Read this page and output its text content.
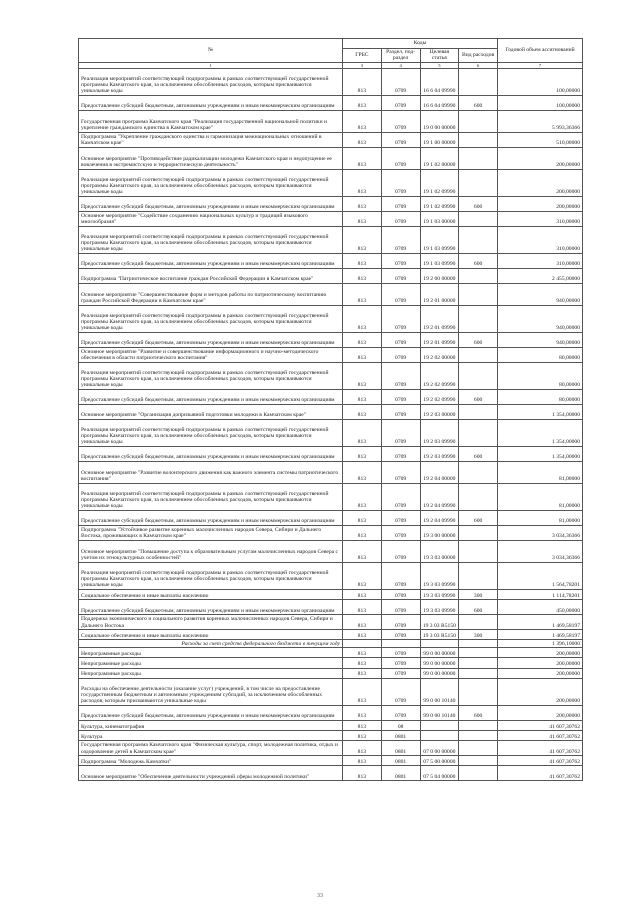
№	Коды				Годовой объем ассигнований
	ГРБС	Раздел, под-раздел	Целевая статья	Вид расходов	
1	3	4	5	6	7
Реализация мероприятий соответствующей подпрограммы в рамках соответствующей государственной программы Камчатского края, за исключением обособленных расходов, которым присваиваются уникальные коды	813	0709	16 6 04 09990		100,00000
Предоставление субсидий бюджетным, автономным учреждениям и иным некоммерческим организациям	813	0709	16 6 04 09990	600	100,00000
Государственная программа Камчатского края "Реализация государственной национальной политики и укрепление гражданского единства в Камчатском крае"	813	0709	19 0 00 00000		5 993,36366
Подпрограмма "Укрепление гражданского единства и гармонизация межнациональных отношений в Камчатском крае"	813	0709	19 1 00 00000		510,00000
Основное мероприятие "Противодействие радикализации молодежи Камчатского края и недопущение ее вовлечения в экстремистскую и террористическую деятельность"	813	0709	19 1 02 00000		200,00000
Реализация мероприятий соответствующей подпрограммы в рамках соответствующей государственной программы Камчатского края, за исключением обособленных расходов, которым присваиваются уникальные коды	813	0709	19 1 02 09990		200,00000
Предоставление субсидий бюджетным, автономным учреждениям и иным некоммерческим организациям	813	0709	19 1 02 09990	600	200,00000
Основное мероприятие "Содействие сохранению национальных культур и традиций языкового многообразия"	813	0709	19 1 03 00000		310,00000
Реализация мероприятий соответствующей подпрограммы в рамках соответствующей государственной программы Камчатского края, за исключением обособленных расходов, которым присваиваются уникальные коды	813	0709	19 1 03 09990		310,00000
Предоставление субсидий бюджетным, автономным учреждениям и иным некоммерческим организациям	813	0709	19 1 03 09990	600	310,00000
Подпрограмма "Патриотическое воспитание граждан Российской Федерации в Камчатском крае"	813	0709	19 2 00 00000		2 455,00000
Основное мероприятие "Совершенствование форм и методов работы по патриотическому воспитанию граждан Российской Федерации в Камчатском крае"	813	0709	19 2 01 00000		940,00000
Реализация мероприятий соответствующей подпрограммы в рамках соответствующей государственной программы Камчатского края, за исключением обособленных расходов, которым присваиваются уникальные коды	813	0709	19 2 01 09990		940,00000
Предоставление субсидий бюджетным, автономным учреждениям и иным некоммерческим организациям	813	0709	19 2 01 09990	600	940,00000
Основное мероприятие "Развитие и совершенствование информационного и научно-методического обеспечения в области патриотического воспитания"	813	0709	19 2 02 00000		80,00000
Реализация мероприятий соответствующей подпрограммы в рамках соответствующей государственной программы Камчатского края, за исключением обособленных расходов, которым присваиваются уникальные коды	813	0709	19 2 02 09990		80,00000
Предоставление субсидий бюджетным, автономным учреждениям и иным некоммерческим организациям	813	0709	19 2 02 09990	600	80,00000
Основное мероприятие "Организация допризывной подготовки молодежи в Камчатском крае"	813	0709	19 2 03 00000		1 354,00000
Реализация мероприятий соответствующей подпрограммы в рамках соответствующей государственной программы Камчатского края, за исключением обособленных расходов, которым присваиваются уникальные коды	813	0709	19 2 03 09990		1 354,00000
Предоставление субсидий бюджетным, автономным учреждениям и иным некоммерческим организациям	813	0709	19 2 03 09990	600	1 354,00000
Основное мероприятие "Развитие волонтерского движения как важного элемента системы патриотического воспитания"	813	0709	19 2 04 00000		81,00000
Реализация мероприятий соответствующей подпрограммы в рамках соответствующей государственной программы Камчатского края, за исключением обособленных расходов, которым присваиваются уникальные коды	813	0709	19 2 04 09990		81,00000
Предоставление субсидий бюджетным, автономным учреждениям и иным некоммерческим организациям	813	0709	19 2 04 09990	600	81,00000
Подпрограмма "Устойчивое развитие коренных малочисленных народов Севера, Сибири и Дальнего Востока, проживающих в Камчатском крае"	813	0709	19 3 00 00000		3 034,36366
Основное мероприятие "Повышение доступа к образовательным услугам малочисленных народов Севера с учетом их этнокультурных особенностей"	813	0709	19 3 03 00000		3 034,36366
Реализация мероприятий соответствующей подпрограммы в рамках соответствующей государственной программы Камчатского края, за исключением обособленных расходов, которым присваиваются уникальные коды	813	0709	19 3 03 09990		1 564,78201
Социальное обеспечение и иные выплаты населению	813	0709	19 3 03 09990	300	1 114,78201
Предоставление субсидий бюджетным, автономным учреждениям и иным некоммерческим организациям	813	0709	19 3 03 09990	600	450,00000
Поддержка экономического и социального развития коренных малочисленных народов Севера, Сибири и Дальнего Востока	813	0709	19 3 03 R5150		1 469,58197
Социальное обеспечение и иные выплаты населению	813	0709	19 3 03 R5150	300	1 469,58197
Расходы за счет средств федерального бюджета в текущем году					1 396,10000
Непрограммные расходы	813	0709	99 0 00 00000		200,00000
Непрограммные расходы	813	0709	99 0 00 00000		200,00000
Непрограммные расходы	813	0709	99 0 00 00000		200,00000
Расходы на обеспечение деятельности (оказание услуг) учреждений, в том числе на предоставление государственным бюджетным и автономным учреждениям субсидий, за исключением обособленных расходов, которым присваиваются уникальные коды	813	0709	99 0 00 10140		200,00000
Предоставление субсидий бюджетным, автономным учреждениям и иным некоммерческим организациям	813	0709	99 0 00 10140	600	200,00000
Культура, кинематография	813	08			41 607,30762
Культура	813	0801			41 607,30762
Государственная программа Камчатского края "Физическая культура, спорт, молодежная политика, отдых и оздоровление детей в Камчатском крае"	813	0801	07 0 00 00000		41 607,30762
Подпрограмма "Молодежь Камчатки"	813	0801	07 5 00 00000		41 607,30762
Основное мероприятие "Обеспечение деятельности учреждений сферы молодежной политики"	813	0801	07 5 04 00000		41 607,30762
33
